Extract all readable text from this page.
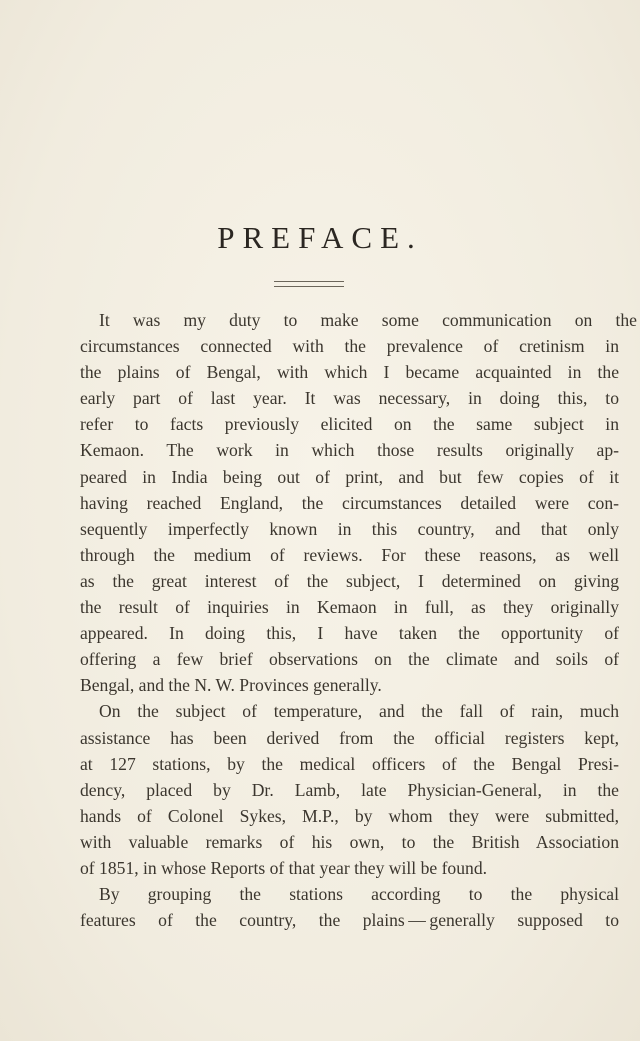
PREFACE.
It was my duty to make some communication on the
circumstances connected with the prevalence of cretinism in
the plains of Bengal, with which I became acquainted in the
early part of last year. It was necessary, in doing this, to
refer to facts previously elicited on the same subject in
Kemaon. The work in which those results originally ap-
peared in India being out of print, and but few copies of it
having reached England, the circumstances detailed were con-
sequently imperfectly known in this country, and that only
through the medium of reviews. For these reasons, as well
as the great interest of the subject, I determined on giving
the result of inquiries in Kemaon in full, as they originally
appeared. In doing this, I have taken the opportunity of
offering a few brief observations on the climate and soils of
Bengal, and the N. W. Provinces generally.
On the subject of temperature, and the fall of rain, much
assistance has been derived from the official registers kept,
at 127 stations, by the medical officers of the Bengal Presi-
dency, placed by Dr. Lamb, late Physician-General, in the
hands of Colonel Sykes, M.P., by whom they were submitted,
with valuable remarks of his own, to the British Association
of 1851, in whose Reports of that year they will be found.
By grouping the stations according to the physical
features of the country, the plains — generally supposed to
